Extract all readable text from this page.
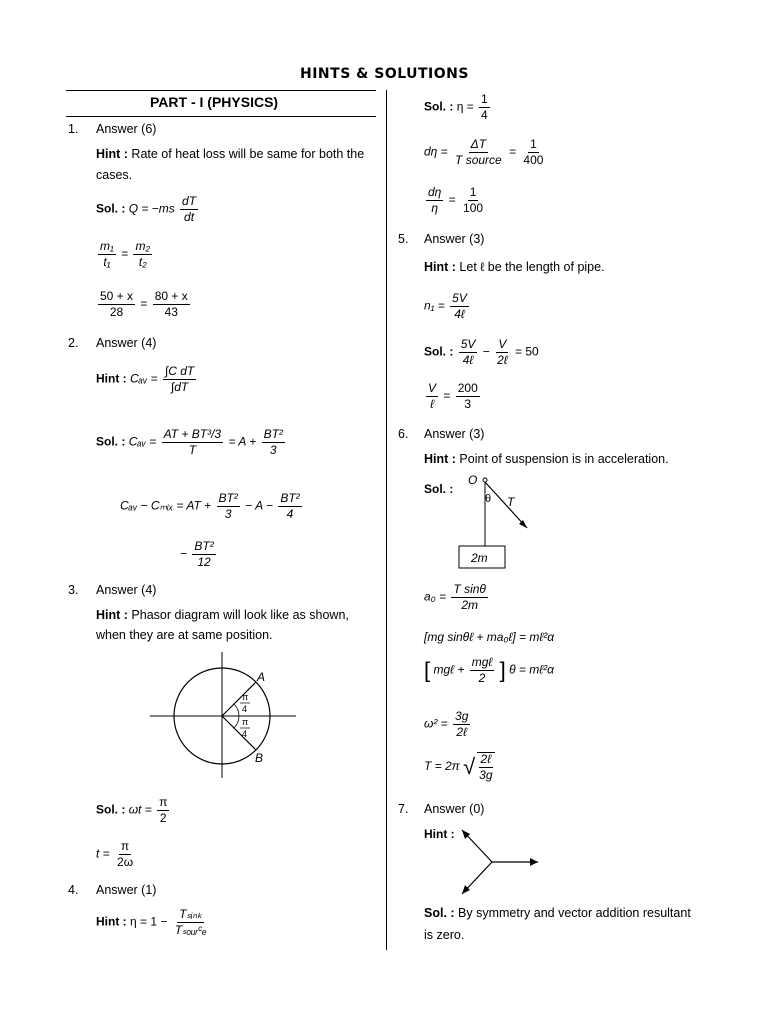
HINTS & SOLUTIONS
PART - I (PHYSICS)
1. Answer (6)
Hint : Rate of heat loss will be same for both the
cases.
Sol. : $Q = -ms \frac{dT}{dt}$
$\frac{\text{m₁}}{\text{t₁}} = \frac{\text{m₂}}{\text{t₂}}$
$\frac{50 + x}{28} = \frac{80 + x}{43}$
2. Answer (4)
Hint : Cₐᵥ = $\frac{\text{∫C dT}}{\int dT}$
Sol. : Cₐᵥ = $\frac{\text{AT + BT³/3}}{T} = A + \frac{\text{BT²}}{3}$
Cₐᵥ − Cₘᵢₓ = AT + $\frac{\text{BT²}}{3} - A - \frac{\text{BT²}}{4}$
− $\frac{\text{BT²}}{12}$
3. Answer (4)
Hint : Phasor diagram will look like as shown,
when they are at same position.
A
B
π
4
π
4
Sol. : $\omega t = \frac{\pi}{2}$
$t = \frac{\pi}{2\omega}$
4. Answer (1)
Hint : $\eta = 1 - \frac{\text{Tₛᵢₙₖ}}{\text{Tₛₒᵤᵣᶜₑ}}$
Sol. : $\eta = \frac{1}{4}$
$d\eta = \frac{\Delta T}{\text{T source}} = \frac{1}{400}$
$\frac{d\eta}{\eta} = \frac{1}{100}$
5. Answer (3)
Hint : Let ℓ be the length of pipe.
$n_1 = \frac{5V}{\text{4ℓ}}$
Sol. : $\frac{5V}{\text{4ℓ}} - \frac{V}{\text{2ℓ}} = 50$
$\frac{V}{\text{ℓ}} = \frac{200}{3}$
6. Answer (3)
Hint : Point of suspension is in acceleration.
Sol. :
O
θ T
2m
$a_0 = \frac{\text{T sinθ}}{2m}$
[mg sinθℓ + ma₀ℓ] = mℓ²α
[ mgℓ + $\frac{\text{mgℓ}}{2}$ ] θ = mℓ²α
$\omega^2 = \frac{3g}{\text{2ℓ}}$
T = 2π √ $\frac{\text{2ℓ}}{3g}$
7. Answer (0)
Hint :
Sol. : By symmetry and vector addition resultant
is zero.
